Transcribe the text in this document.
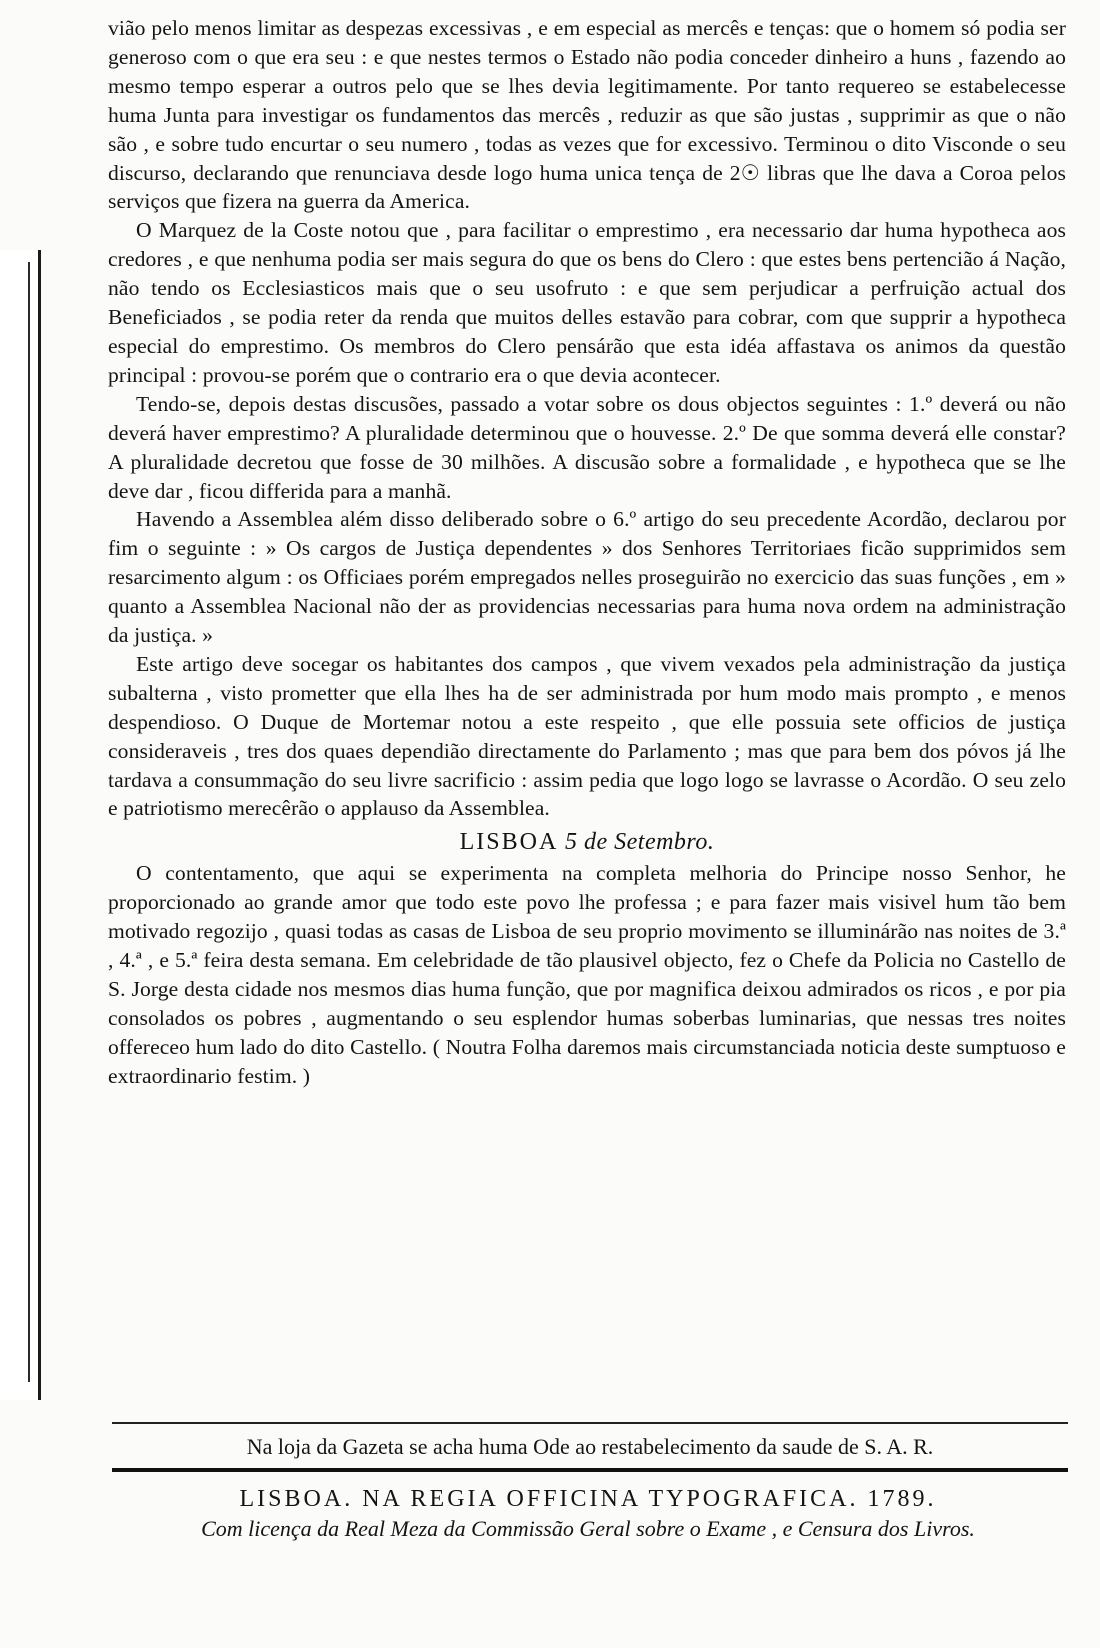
vião pelo menos limitar as despezas excessivas , e em especial as mercês e tenças: que o homem só podia ser generoso com o que era seu : e que nestes termos o Estado não podia conceder dinheiro a huns , fazendo ao mesmo tempo esperar a outros pelo que se lhes devia legitimamente. Por tanto requereo se estabelecesse huma Junta para investigar os fundamentos das mercês , reduzir as que são justas , supprimir as que o não são , e sobre tudo encurtar o seu numero , todas as vezes que for excessivo. Terminou o dito Visconde o seu discurso, declarando que renunciava desde logo huma unica tença de 2☉ libras que lhe dava a Coroa pelos serviços que fizera na guerra da America.

O Marquez de la Coste notou que , para facilitar o emprestimo , era necessario dar huma hypotheca aos credores , e que nenhuma podia ser mais segura do que os bens do Clero : que estes bens pertencião á Nação, não tendo os Ecclesiasticos mais que o seu usofruto : e que sem perjudicar a perfruição actual dos Beneficiados , se podia reter da renda que muitos delles estavão para cobrar, com que supprir a hypotheca especial do emprestimo. Os membros do Clero pensárão que esta idéa affastava os animos da questão principal : provou-se porém que o contrario era o que devia acontecer.

Tendo-se, depois destas discusões, passado a votar sobre os dous objectos seguintes : 1.º deverá ou não deverá haver emprestimo? A pluralidade determinou que o houvesse. 2.º De que somma deverá elle constar? A pluralidade decretou que fosse de 30 milhões. A discusão sobre a formalidade , e hypotheca que se lhe deve dar , ficou differida para a manhã.

Havendo a Assemblea além disso deliberado sobre o 6.º artigo do seu precedente Acordão, declarou por fim o seguinte : » Os cargos de Justiça dependentes » dos Senhores Territoriaes ficão supprimidos sem resarcimento algum : os Officiaes porém empregados nelles proseguirão no exercicio das suas funções , em » quanto a Assemblea Nacional não der as providencias necessarias para huma nova ordem na administração da justiça. »

Este artigo deve socegar os habitantes dos campos , que vivem vexados pela administração da justiça subalterna , visto prometter que ella lhes ha de ser administrada por hum modo mais prompto , e menos despendioso. O Duque de Mortemar notou a este respeito , que elle possuia sete officios de justiça consideraveis , tres dos quaes dependião directamente do Parlamento ; mas que para bem dos póvos já lhe tardava a consummação do seu livre sacrificio : assim pedia que logo logo se lavrasse o Acordão. O seu zelo e patriotismo merecêrão o applauso da Assemblea.

LISBOA 5 de Setembro.

O contentamento, que aqui se experimenta na completa melhoria do Principe nosso Senhor, he proporcionado ao grande amor que todo este povo lhe professa ; e para fazer mais visivel hum tão bem motivado regozijo , quasi todas as casas de Lisboa de seu proprio movimento se illuminárão nas noites de 3.ª , 4.ª , e 5.ª feira desta semana. Em celebridade de tão plausivel objecto, fez o Chefe da Policia no Castello de S. Jorge desta cidade nos mesmos dias huma função, que por magnifica deixou admirados os ricos , e por pia consolados os pobres , augmentando o seu esplendor humas soberbas luminarias, que nessas tres noites offereceo hum lado do dito Castello. ( Noutra Folha daremos mais circumstanciada noticia deste sumptuoso e extraordinario festim. )

Na loja da Gazeta se acha huma Ode ao restabelecimento da saude de S. A. R.
LISBOA. NA REGIA OFFICINA TYPOGRAFICA. 1789.
Com licença da Real Meza da Commissão Geral sobre o Exame , e Censura dos Livros.
